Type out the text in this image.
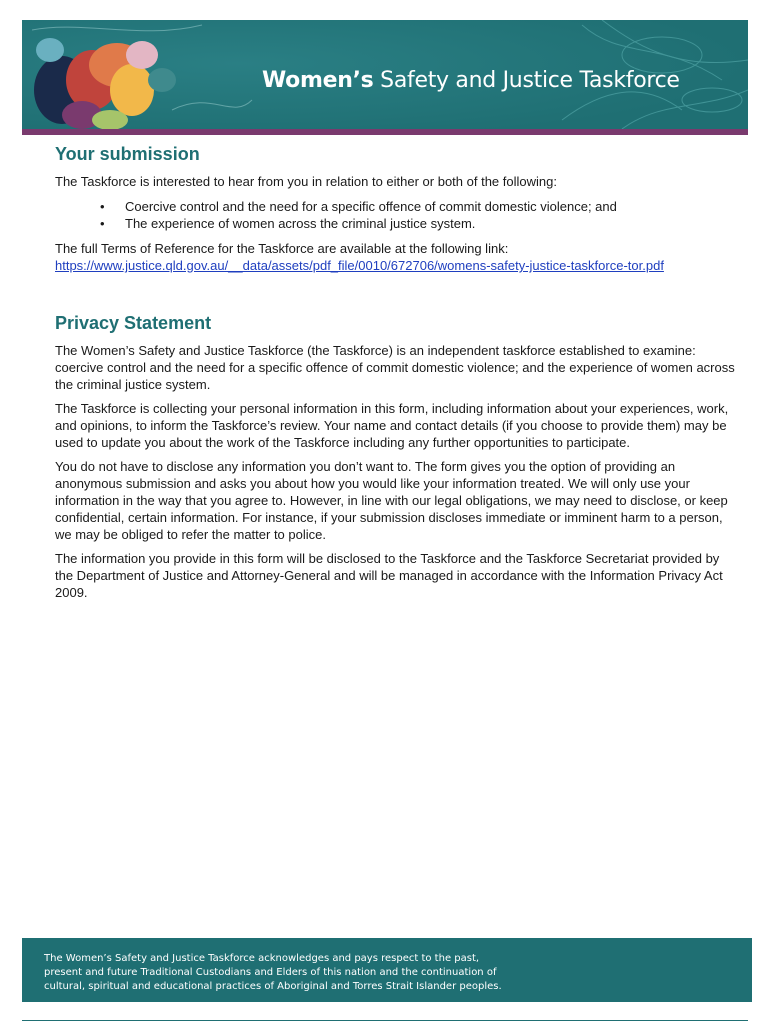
Women’s Safety and Justice Taskforce
Your submission

The Taskforce is interested to hear from you in relation to either or both of the following:

• Coercive control and the need for a specific offence of commit domestic violence; and
• The experience of women across the criminal justice system.

The full Terms of Reference for the Taskforce are available at the following link:

https://www.justice.qld.gov.au/__data/assets/pdf_file/0010/672706/womens-safety-justice-taskforce-tor.pdf
Privacy Statement

The Women’s Safety and Justice Taskforce (the Taskforce) is an independent taskforce established to examine: coercive control and the need for a specific offence of commit domestic violence; and the experience of women across the criminal justice system.

The Taskforce is collecting your personal information in this form, including information about your experiences, work, and opinions, to inform the Taskforce’s review. Your name and contact details (if you choose to provide them) may be used to update you about the work of the Taskforce including any further opportunities to participate.

You do not have to disclose any information you don’t want to. The form gives you the option of providing an anonymous submission and asks you about how you would like your information treated. We will only use your information in the way that you agree to. However, in line with our legal obligations, we may need to disclose, or keep confidential, certain information. For instance, if your submission discloses immediate or imminent harm to a person, we may be obliged to refer the matter to police.

The information you provide in this form will be disclosed to the Taskforce and the Taskforce Secretariat provided by the Department of Justice and Attorney-General and will be managed in accordance with the Information Privacy Act 2009.

The Women’s Safety and Justice Taskforce acknowledges and pays respect to the past, present and future Traditional Custodians and Elders of this nation and the continuation of cultural, spiritual and educational practices of Aboriginal and Torres Strait Islander peoples.
